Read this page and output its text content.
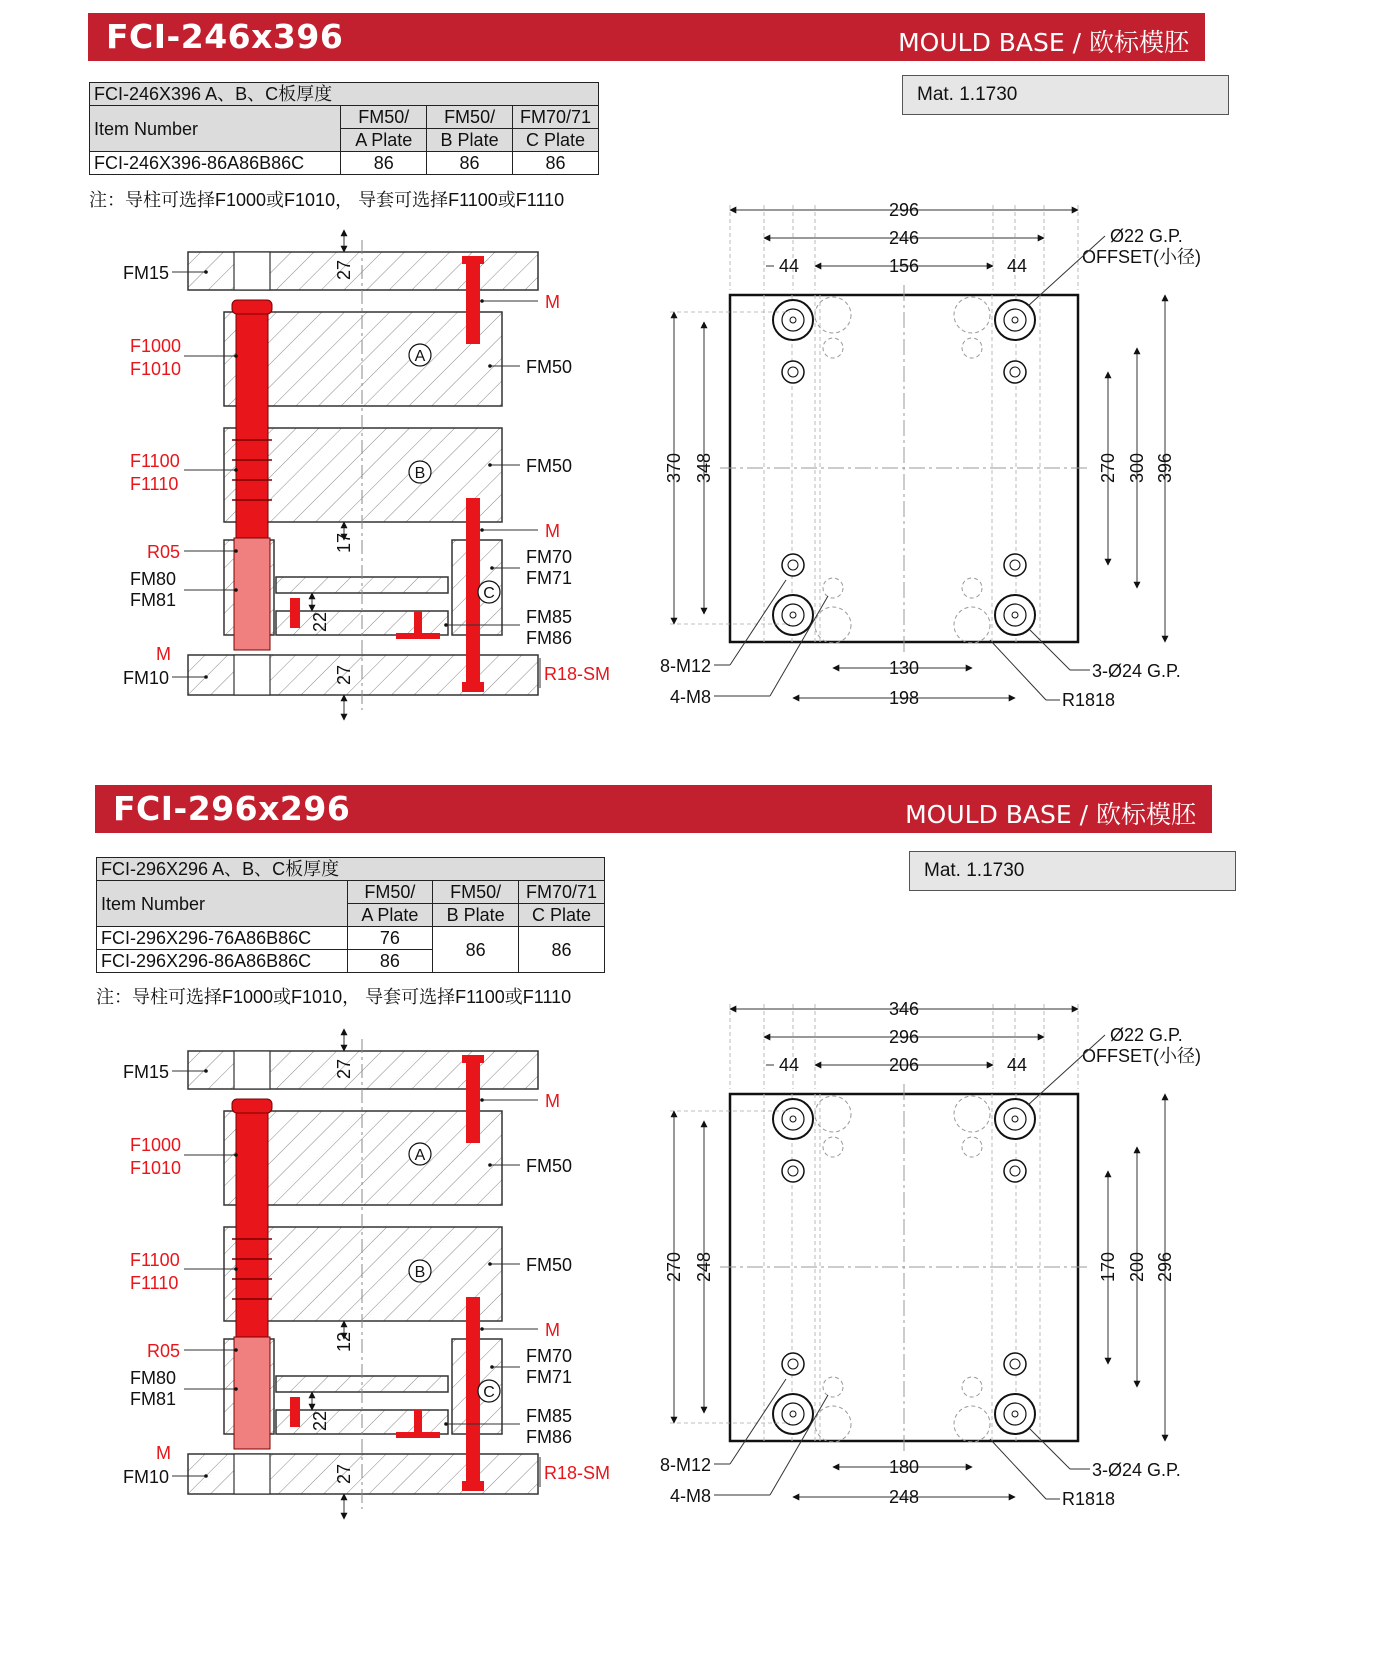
FCI-246x396	MOULD BASE / 欧标模胚
FCI-246X396 A、B、C板厚度			
Item Number	FM50/	FM50/	FM70/71
	A Plate	B Plate	C Plate
FCI-246X396-86A86B86C	86	86	86
注：导柱可选择F1000或F1010， 导套可选择F1100或F1110
Mat. 1.1730
A
B
C
FM15
F1000
F1010
F1100
F1110
R05
FM80
FM81
M
FM10
M
FM50
FM50
M
FM70
FM71
FM85
FM86
R18-SM
27
17
22
27
296
246
156
44	44
370 348	270 300 396
Ø22 G.P.
OFFSET(小径)
8-M12
4-M8
130
198
3-Ø24 G.P.
R1818
FCI-296x296	MOULD BASE / 欧标模胚
FCI-296X296 A、B、C板厚度			
Item Number	FM50/	FM50/	FM70/71
	A Plate	B Plate	C Plate
FCI-296X296-76A86B86C	76	86	86
FCI-296X296-86A86B86C	86		
注：导柱可选择F1000或F1010， 导套可选择F1100或F1110
Mat. 1.1730
A
B
C
FM15
F1000
F1010
F1100
F1110
R05
FM80
FM81
M
FM10
M
FM50
FM50
M
FM70
FM71
FM85
FM86
R18-SM
27
12
22
27
346
296
206
44	44
270 248	170 200 296
Ø22 G.P.
OFFSET(小径)
8-M12
4-M8
180
248
3-Ø24 G.P.
R1818
